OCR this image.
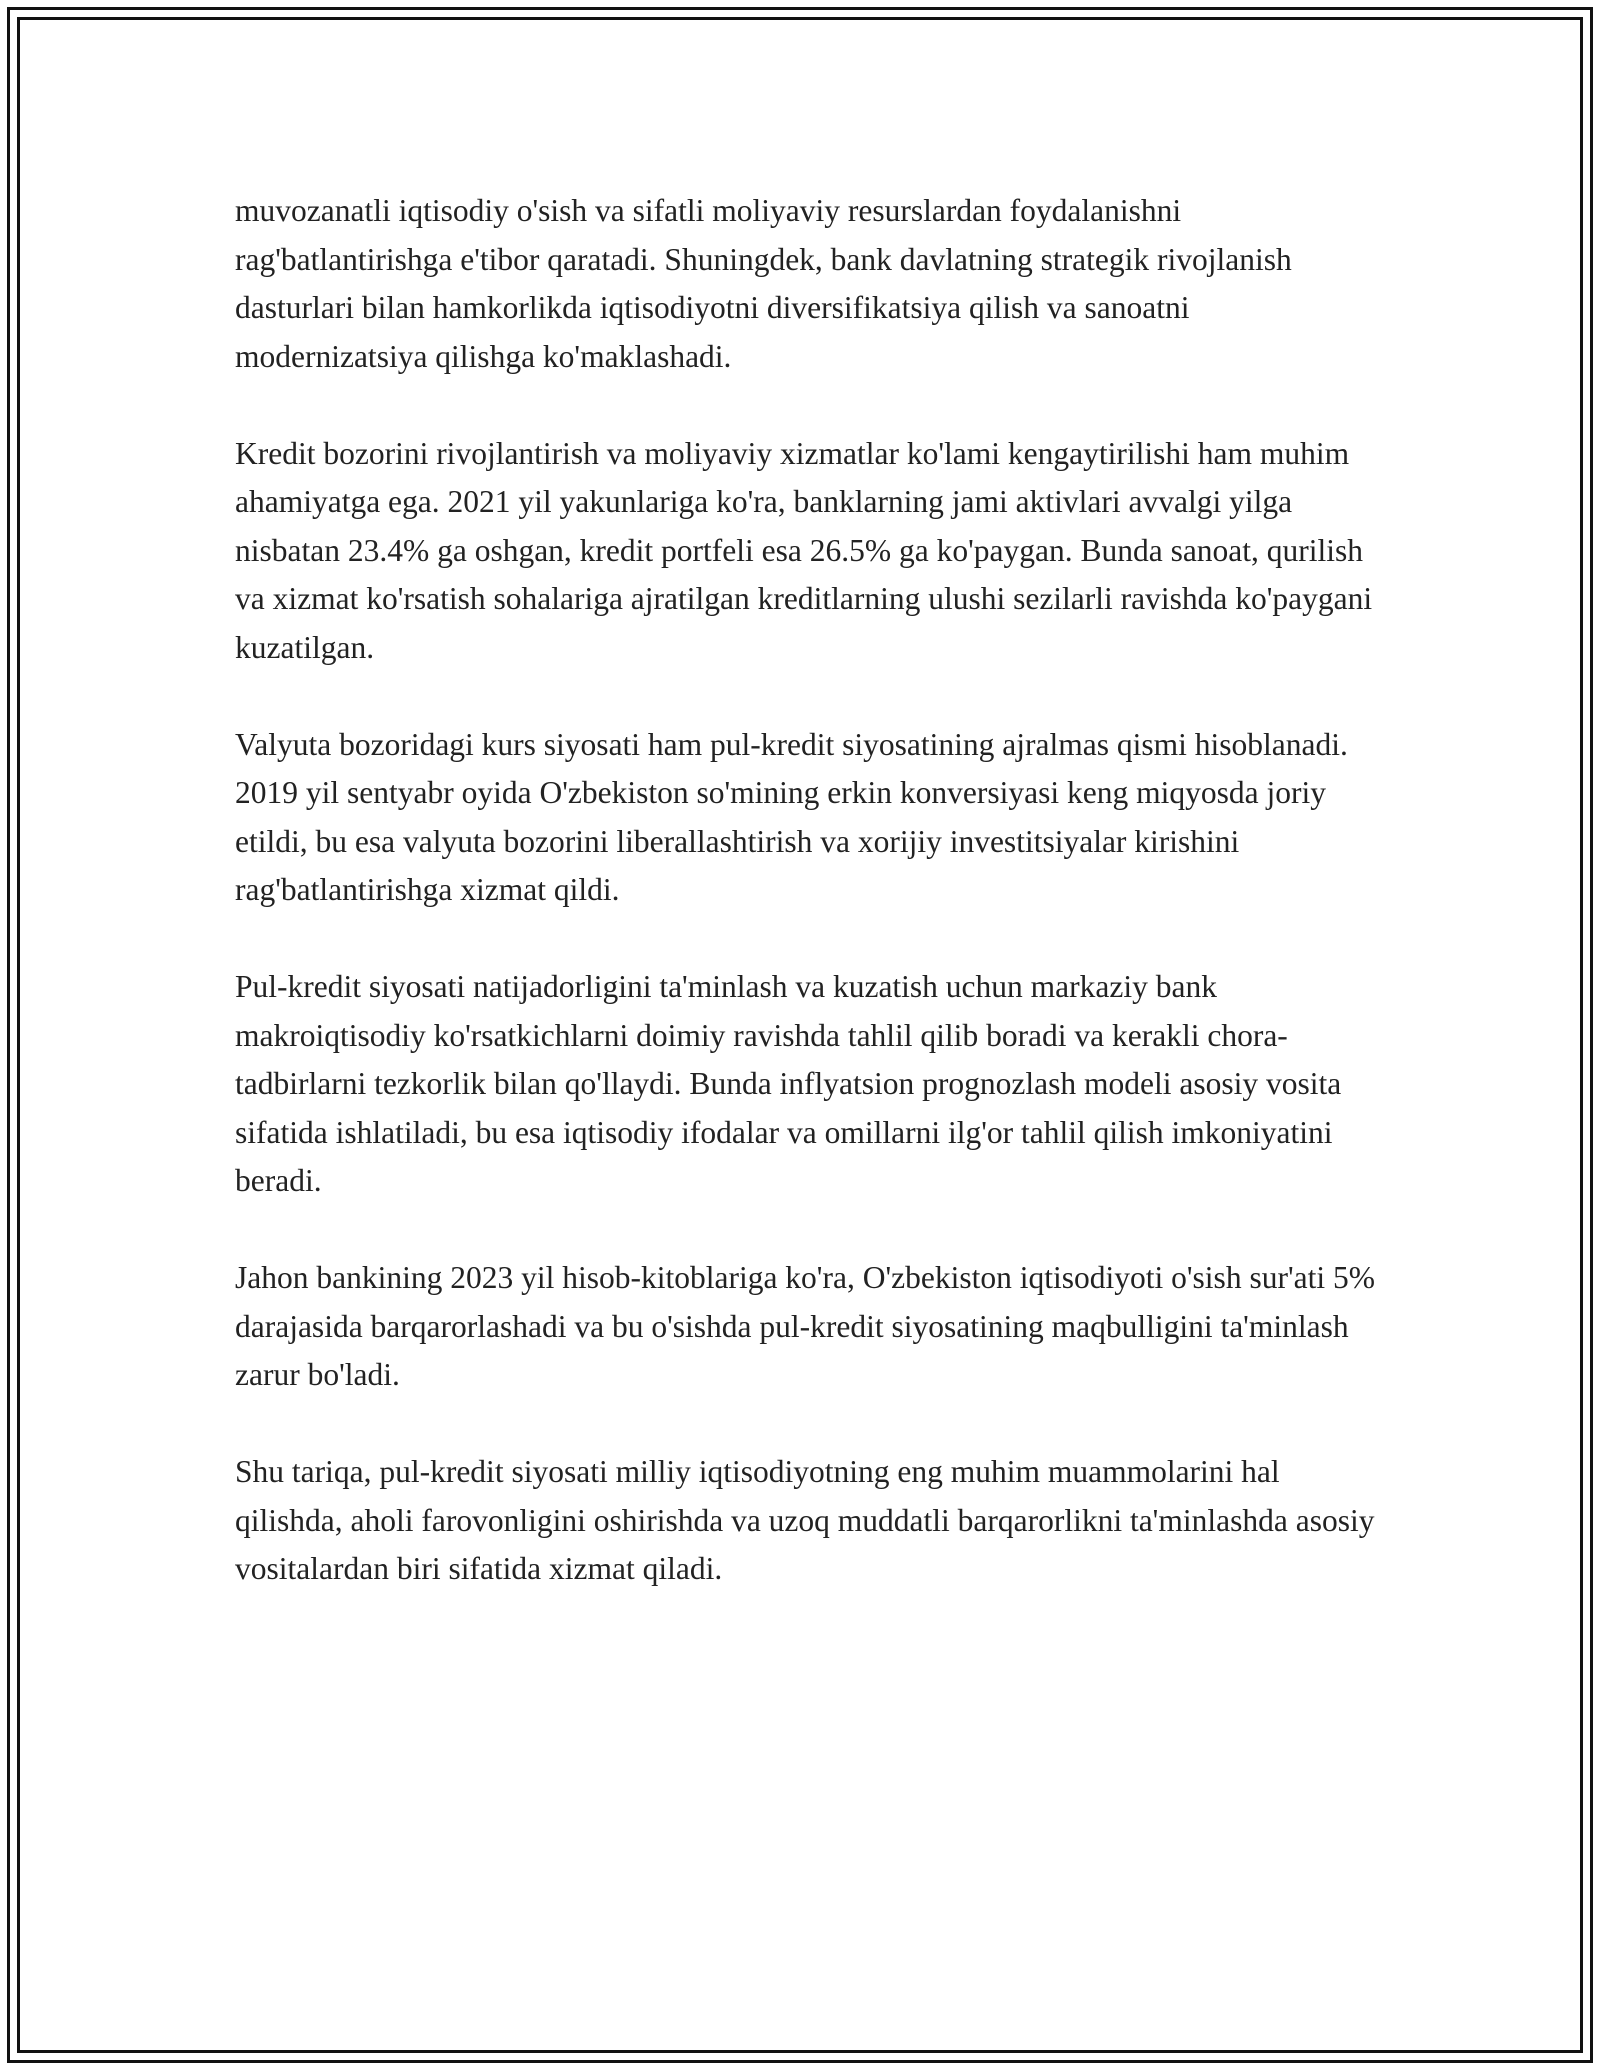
muvozanatli iqtisodiy o'sish va sifatli moliyaviy resurslardan foydalanishni rag'batlantirishga e'tibor qaratadi. Shuningdek, bank davlatning strategik rivojlanish dasturlari bilan hamkorlikda iqtisodiyotni diversifikatsiya qilish va sanoatni modernizatsiya qilishga ko'maklashadi.

Kredit bozorini rivojlantirish va moliyaviy xizmatlar ko'lami kengaytirilishi ham muhim ahamiyatga ega. 2021 yil yakunlariga ko'ra, banklarning jami aktivlari avvalgi yilga nisbatan 23.4% ga oshgan, kredit portfeli esa 26.5% ga ko'paygan. Bunda sanoat, qurilish va xizmat ko'rsatish sohalariga ajratilgan kreditlarning ulushi sezilarli ravishda ko'paygani kuzatilgan.

Valyuta bozoridagi kurs siyosati ham pul-kredit siyosatining ajralmas qismi hisoblanadi. 2019 yil sentyabr oyida O'zbekiston so'mining erkin konversiyasi keng miqyosda joriy etildi, bu esa valyuta bozorini liberallashtirish va xorijiy investitsiyalar kirishini rag'batlantirishga xizmat qildi.

Pul-kredit siyosati natijadorligini ta'minlash va kuzatish uchun markaziy bank makroiqtisodiy ko'rsatkichlarni doimiy ravishda tahlil qilib boradi va kerakli chora-tadbirlarni tezkorlik bilan qo'llaydi. Bunda inflyatsion prognozlash modeli asosiy vosita sifatida ishlatiladi, bu esa iqtisodiy ifodalar va omillarni ilg'or tahlil qilish imkoniyatini beradi.

Jahon bankining 2023 yil hisob-kitoblariga ko'ra, O'zbekiston iqtisodiyoti o'sish sur'ati 5% darajasida barqarorlashadi va bu o'sishda pul-kredit siyosatining maqbulligini ta'minlash zarur bo'ladi.

Shu tariqa, pul-kredit siyosati milliy iqtisodiyotning eng muhim muammolarini hal qilishda, aholi farovonligini oshirishda va uzoq muddatli barqarorlikni ta'minlashda asosiy vositalardan biri sifatida xizmat qiladi.
